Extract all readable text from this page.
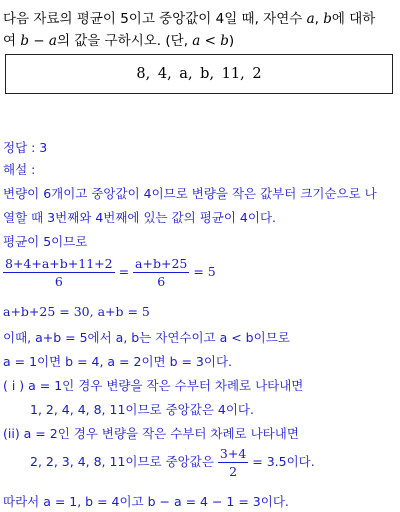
다음 자료의 평균이 5이고 중앙값이 4일 때, 자연수 a, b에 대하
여 b − a의 값을 구하시오. (단, a < b)
8, 4, a, b, 11, 2
정답 : 3
해설 :
변량이 6개이고 중앙값이 4이므로 변량을 작은 값부터 크기순으로 나
열할 때 3번째와 4번째에 있는 값의 평균이 4이다.
평균이 5이므로
$\frac{8+4+a+b+11+2}{6} = \frac{a+b+25}{6} = 5$
a+b+25 = 30, a+b = 5
이때, a+b = 5에서 a, b는 자연수이고 a < b이므로
a = 1이면 b = 4, a = 2이면 b = 3이다.
( i ) a = 1인 경우 변량을 작은 수부터 차례로 나타내면
1, 2, 4, 4, 8, 11이므로 중앙값은 4이다.
(ii) a = 2인 경우 변량을 작은 수부터 차례로 나타내면
2, 2, 3, 4, 8, 11이므로 중앙값은 $\frac{3+4}{2} = 3.5$이다.
따라서 a = 1, b = 4이고 b − a = 4 − 1 = 3이다.
